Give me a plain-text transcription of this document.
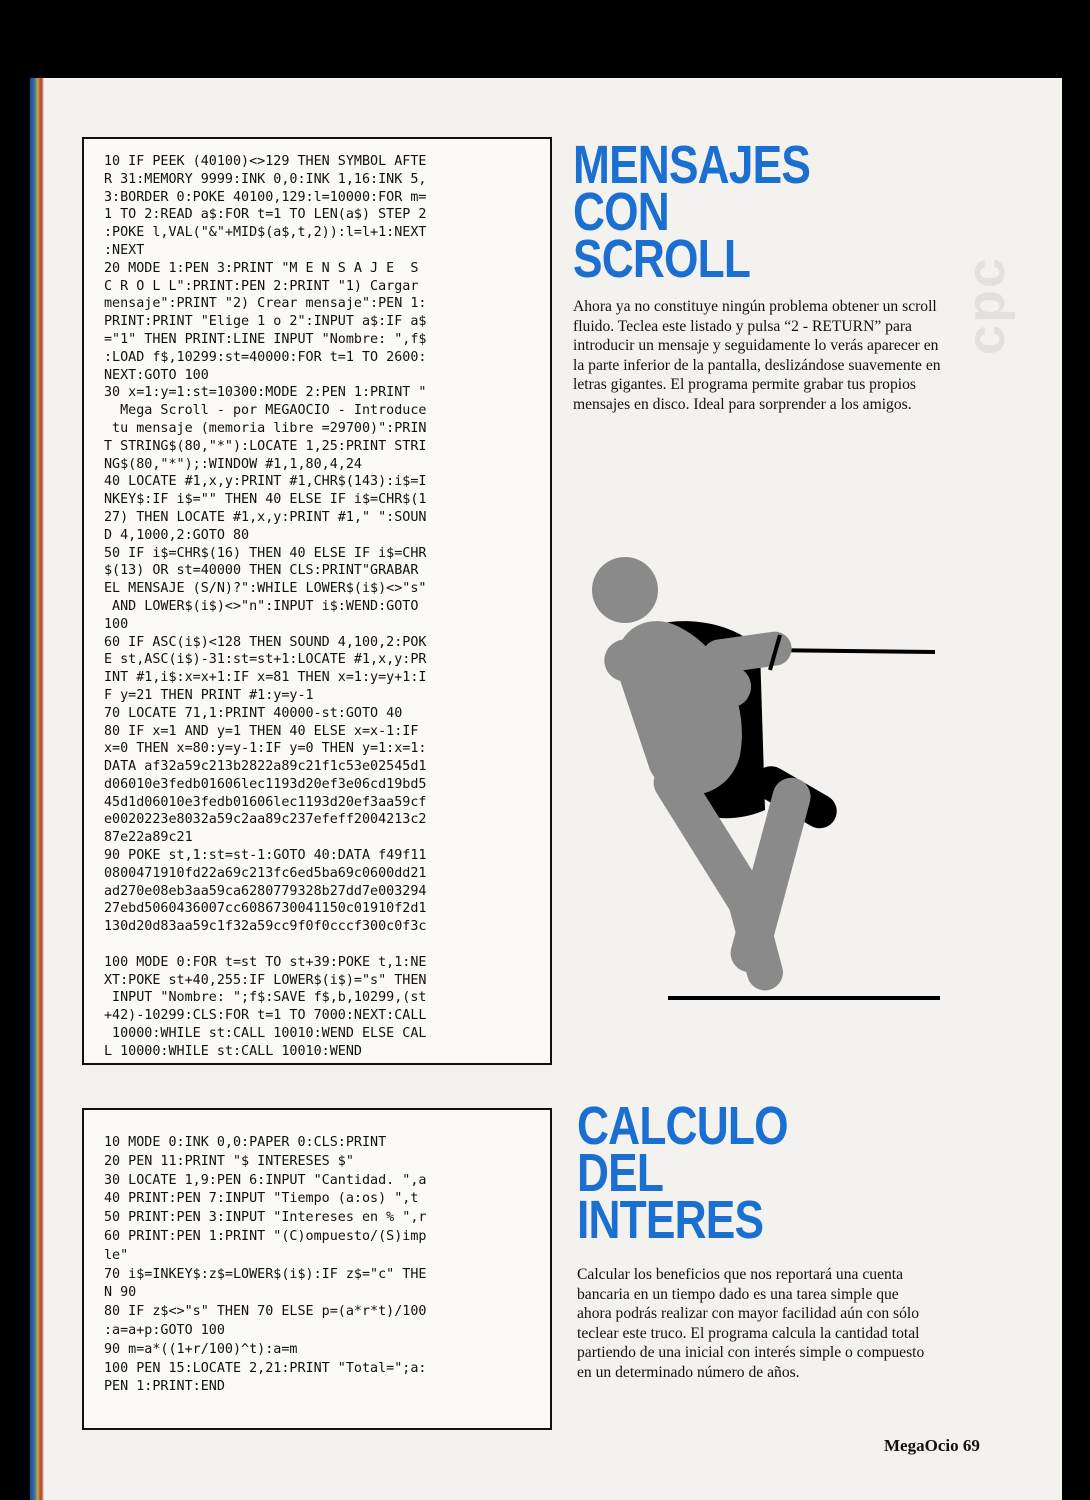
cpc
10 IF PEEK (40100)<>129 THEN SYMBOL AFTE
R 31:MEMORY 9999:INK 0,0:INK 1,16:INK 5,
3:BORDER 0:POKE 40100,129:l=10000:FOR m=
1 TO 2:READ a$:FOR t=1 TO LEN(a$) STEP 2
:POKE l,VAL("&"+MID$(a$,t,2)):l=l+1:NEXT
:NEXT
20 MODE 1:PEN 3:PRINT "M E N S A J E  S
C R O L L":PRINT:PEN 2:PRINT "1) Cargar
mensaje":PRINT "2) Crear mensaje":PEN 1:
PRINT:PRINT "Elige 1 o 2":INPUT a$:IF a$
="1" THEN PRINT:LINE INPUT "Nombre: ",f$
:LOAD f$,10299:st=40000:FOR t=1 TO 2600:
NEXT:GOTO 100
30 x=1:y=1:st=10300:MODE 2:PEN 1:PRINT "
Mega Scroll - por MEGAOCIO - Introduce
tu mensaje (memoria libre =29700)":PRIN
T STRING$(80,"*"):LOCATE 1,25:PRINT STRI
NG$(80,"*");:WINDOW #1,1,80,4,24
40 LOCATE #1,x,y:PRINT #1,CHR$(143):i$=I
NKEY$:IF i$="" THEN 40 ELSE IF i$=CHR$(1
27) THEN LOCATE #1,x,y:PRINT #1," ":SOUN
D 4,1000,2:GOTO 80
50 IF i$=CHR$(16) THEN 40 ELSE IF i$=CHR
$(13) OR st=40000 THEN CLS:PRINT"GRABAR
EL MENSAJE (S/N)?":WHILE LOWER$(i$)<>"s"
AND LOWER$(i$)<>"n":INPUT i$:WEND:GOTO
100
60 IF ASC(i$)<128 THEN SOUND 4,100,2:POK
E st,ASC(i$)-31:st=st+1:LOCATE #1,x,y:PR
INT #1,i$:x=x+1:IF x=81 THEN x=1:y=y+1:I
F y=21 THEN PRINT #1:y=y-1
70 LOCATE 71,1:PRINT 40000-st:GOTO 40
80 IF x=1 AND y=1 THEN 40 ELSE x=x-1:IF
x=0 THEN x=80:y=y-1:IF y=0 THEN y=1:x=1:
DATA af32a59c213b2822a89c21f1c53e02545d1
d06010e3fedb01606lec1193d20ef3e06cd19bd5
45d1d06010e3fedb01606lec1193d20ef3aa59cf
e0020223e8032a59c2aa89c237efeff2004213c2
87e22a89c21
90 POKE st,1:st=st-1:GOTO 40:DATA f49f11
0800471910fd22a69c213fc6ed5ba69c0600dd21
ad270e08eb3aa59ca6280779328b27dd7e003294
27ebd5060436007cc6086730041150c01910f2d1
130d20d83aa59c1f32a59cc9f0f0cccf300c0f3c

100 MODE 0:FOR t=st TO st+39:POKE t,1:NE
XT:POKE st+40,255:IF LOWER$(i$)="s" THEN
INPUT "Nombre: ";f$:SAVE f$,b,10299,(st
+42)-10299:CLS:FOR t=1 TO 7000:NEXT:CALL
10000:WHILE st:CALL 10010:WEND ELSE CAL
L 10000:WHILE st:CALL 10010:WEND
MENSAJES
CON
SCROLL

Ahora ya no constituye ningún problema obtener un scroll fluido. Teclea este listado y pulsa “2 - RETURN” para introducir un mensaje y seguidamente lo verás aparecer en la parte inferior de la pantalla, deslizándose suavemente en letras gigantes. El programa permite grabar tus propios mensajes en disco. Ideal para sorprender a los amigos.

10 MODE 0:INK 0,0:PAPER 0:CLS:PRINT
20 PEN 11:PRINT "$ INTERESES $"
30 LOCATE 1,9:PEN 6:INPUT "Cantidad. ",a
40 PRINT:PEN 7:INPUT "Tiempo (a:os) ",t
50 PRINT:PEN 3:INPUT "Intereses en % ",r
60 PRINT:PEN 1:PRINT "(C)ompuesto/(S)imp
le"
70 i$=INKEY$:z$=LOWER$(i$):IF z$="c" THE
N 90
80 IF z$<>"s" THEN 70 ELSE p=(a*r*t)/100
:a=a+p:GOTO 100
90 m=a*((1+r/100)^t):a=m
100 PEN 15:LOCATE 2,21:PRINT "Total=";a:
PEN 1:PRINT:END
CALCULO
DEL
INTERES

Calcular los beneficios que nos reportará una cuenta bancaria en un tiempo dado es una tarea simple que ahora podrás realizar con mayor facilidad aún con sólo teclear este truco. El programa calcula la cantidad total partiendo de una inicial con interés simple o compuesto en un determinado número de años.

MegaOcio 69
